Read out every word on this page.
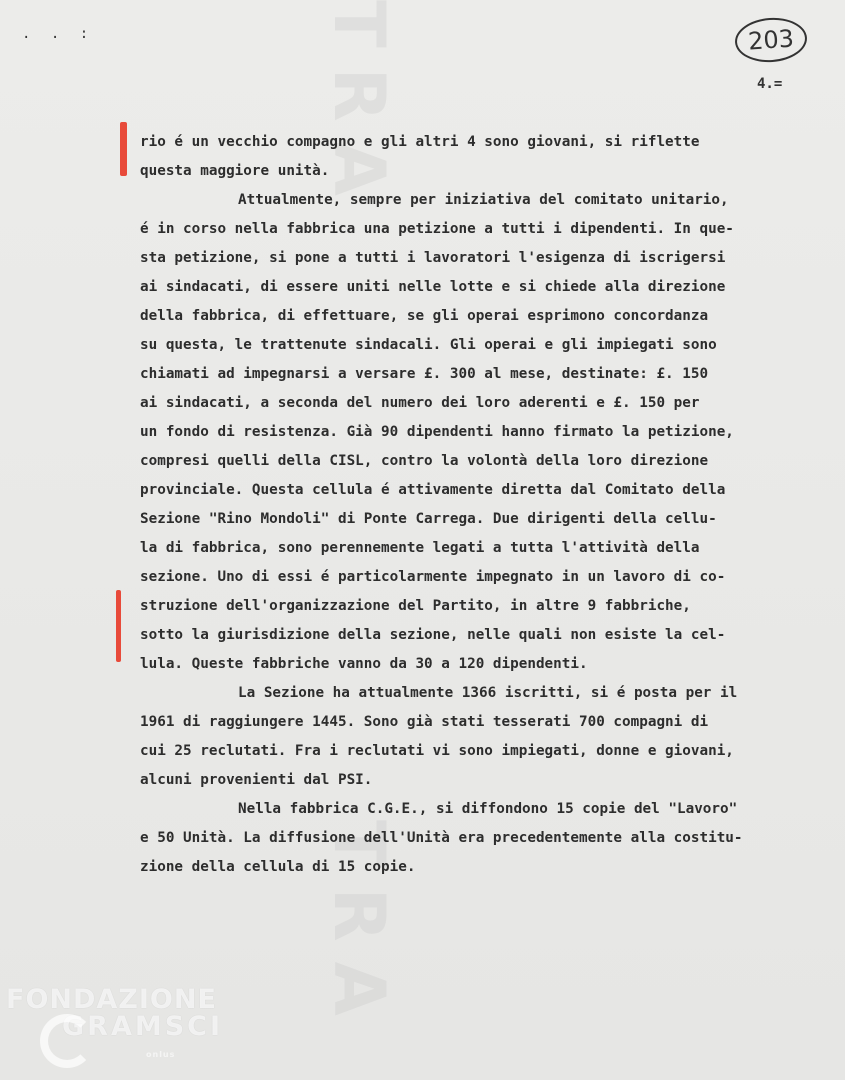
TRA
TRA
. . :	203
4.=
rio é un vecchio compagno e gli altri 4 sono giovani, si riflette
questa maggiore unità.
Attualmente, sempre per iniziativa del comitato unitario,
é in corso nella fabbrica una petizione a tutti i dipendenti. In que-
sta petizione, si pone a tutti i lavoratori l'esigenza di iscrigersi
ai sindacati, di essere uniti nelle lotte e si chiede alla direzione
della fabbrica, di effettuare, se gli operai esprimono concordanza
su questa, le trattenute sindacali. Gli operai e gli impiegati sono
chiamati ad impegnarsi a versare £. 300 al mese, destinate: £. 150
ai sindacati, a seconda del numero dei loro aderenti e £. 150 per
un fondo di resistenza. Già 90 dipendenti hanno firmato la petizione,
compresi quelli della CISL, contro la volontà della loro direzione
provinciale. Questa cellula é attivamente diretta dal Comitato della
Sezione "Rino Mondoli" di Ponte Carrega. Due dirigenti della cellu-
la di fabbrica, sono perennemente legati a tutta l'attività della
sezione. Uno di essi é particolarmente impegnato in un lavoro di co-
struzione dell'organizzazione del Partito, in altre 9 fabbriche,
sotto la giurisdizione della sezione, nelle quali non esiste la cel-
lula. Queste fabbriche vanno da 30 a 120 dipendenti.
La Sezione ha attualmente 1366 iscritti, si é posta per il
1961 di raggiungere 1445. Sono già stati tesserati 700 compagni di
cui 25 reclutati. Fra i reclutati vi sono impiegati, donne e giovani,
alcuni provenienti dal PSI.
Nella fabbrica C.G.E., si diffondono 15 copie del "Lavoro"
e 50 Unità. La diffusione dell'Unità era precedentemente alla costitu-
zione della cellula di 15 copie.
FONDAZIONE
GRAMSCI
onlus
